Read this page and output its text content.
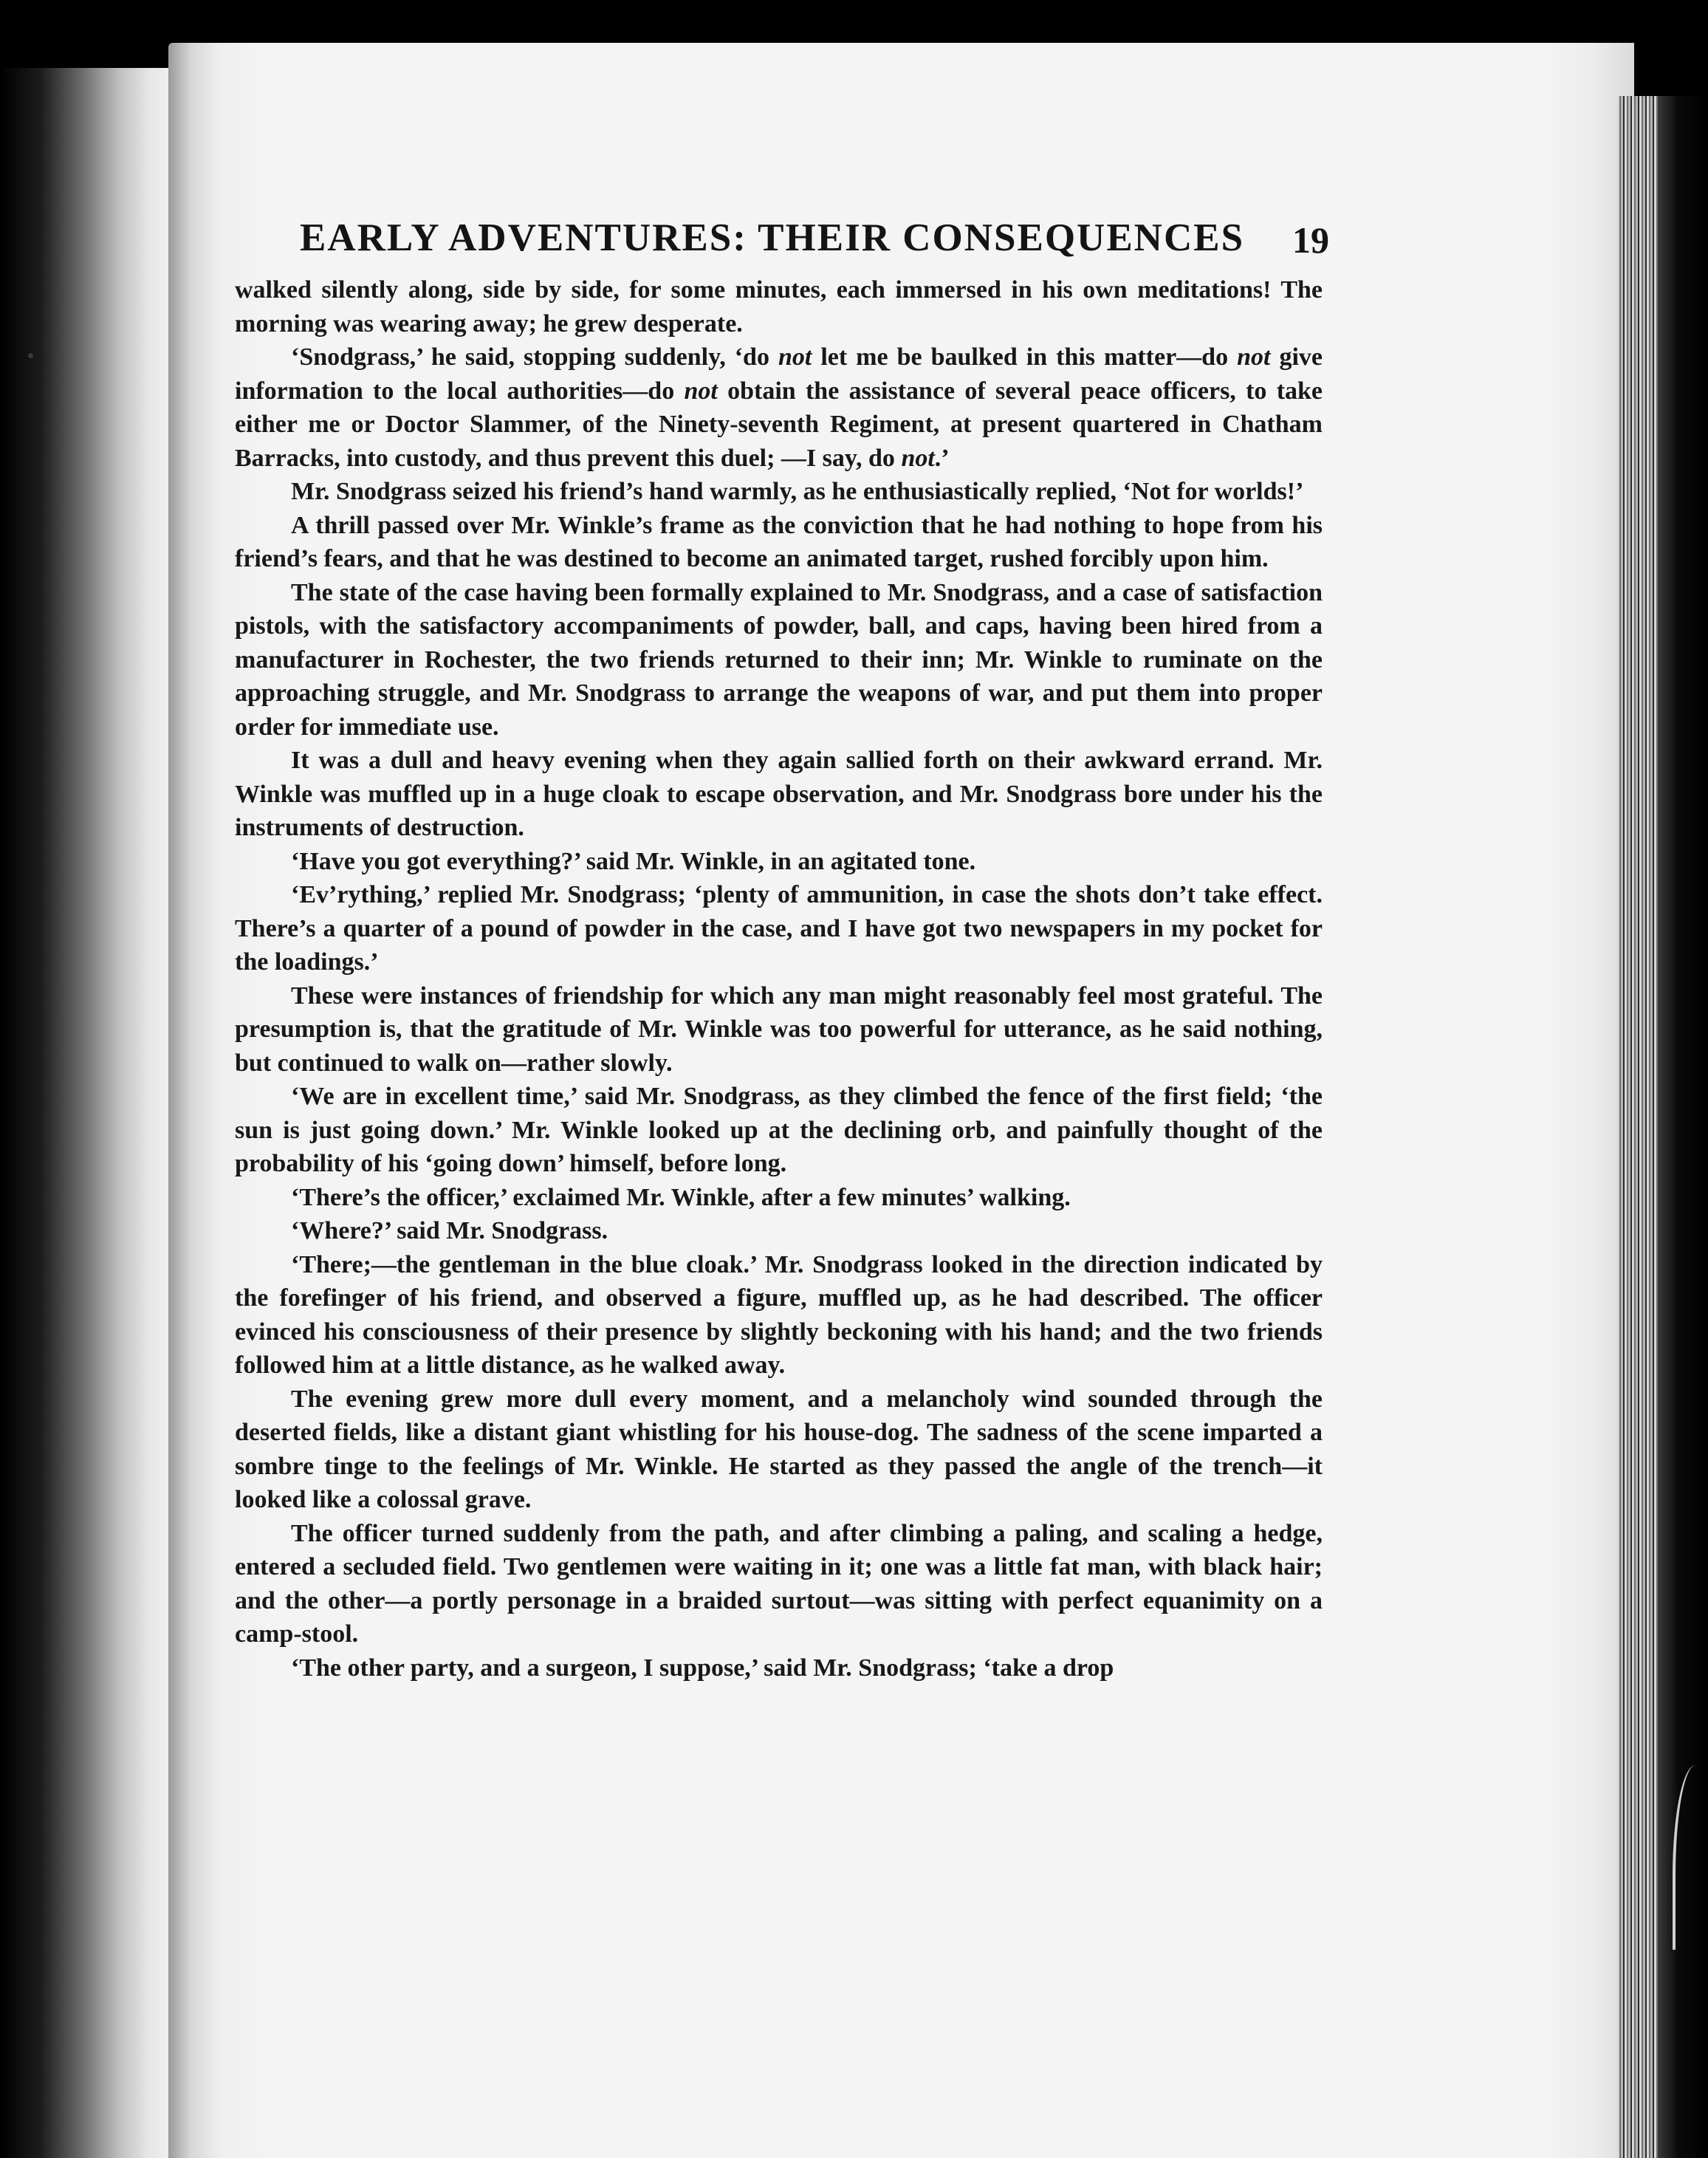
EARLY ADVENTURES: THEIR CONSEQUENCES	19

walked silently along, side by side, for some minutes, each immersed in his own meditations! The morning was wearing away; he grew desperate.

‘Snodgrass,’ he said, stopping suddenly, ‘do not let me be baulked in this matter—do not give information to the local authorities—do not obtain the assistance of several peace officers, to take either me or Doctor Slammer, of the Ninety-seventh Regiment, at present quartered in Chatham Barracks, into custody, and thus prevent this duel; —I say, do not.’

Mr. Snodgrass seized his friend’s hand warmly, as he enthusiastically replied, ‘Not for worlds!’

A thrill passed over Mr. Winkle’s frame as the conviction that he had nothing to hope from his friend’s fears, and that he was destined to become an animated target, rushed forcibly upon him.

The state of the case having been formally explained to Mr. Snodgrass, and a case of satisfaction pistols, with the satisfactory accompaniments of powder, ball, and caps, having been hired from a manufacturer in Rochester, the two friends returned to their inn; Mr. Winkle to ruminate on the approaching struggle, and Mr. Snodgrass to arrange the weapons of war, and put them into proper order for immediate use.

It was a dull and heavy evening when they again sallied forth on their awkward errand. Mr. Winkle was muffled up in a huge cloak to escape observation, and Mr. Snodgrass bore under his the instruments of destruction.

‘Have you got everything?’ said Mr. Winkle, in an agitated tone.

‘Ev’rything,’ replied Mr. Snodgrass; ‘plenty of ammunition, in case the shots don’t take effect. There’s a quarter of a pound of powder in the case, and I have got two newspapers in my pocket for the loadings.’

These were instances of friendship for which any man might reasonably feel most grateful. The presumption is, that the gratitude of Mr. Winkle was too powerful for utterance, as he said nothing, but continued to walk on—rather slowly.

‘We are in excellent time,’ said Mr. Snodgrass, as they climbed the fence of the first field; ‘the sun is just going down.’ Mr. Winkle looked up at the declining orb, and painfully thought of the probability of his ‘going down’ himself, before long.

‘There’s the officer,’ exclaimed Mr. Winkle, after a few minutes’ walking.

‘Where?’ said Mr. Snodgrass.

‘There;—the gentleman in the blue cloak.’ Mr. Snodgrass looked in the direction indicated by the forefinger of his friend, and observed a figure, muffled up, as he had described. The officer evinced his consciousness of their presence by slightly beckoning with his hand; and the two friends followed him at a little distance, as he walked away.

The evening grew more dull every moment, and a melancholy wind sounded through the deserted fields, like a distant giant whistling for his house-dog. The sadness of the scene imparted a sombre tinge to the feelings of Mr. Winkle. He started as they passed the angle of the trench—it looked like a colossal grave.

The officer turned suddenly from the path, and after climbing a paling, and scaling a hedge, entered a secluded field. Two gentlemen were waiting in it; one was a little fat man, with black hair; and the other—a portly personage in a braided surtout—was sitting with perfect equanimity on a camp-stool.

‘The other party, and a surgeon, I suppose,’ said Mr. Snodgrass; ‘take a drop
